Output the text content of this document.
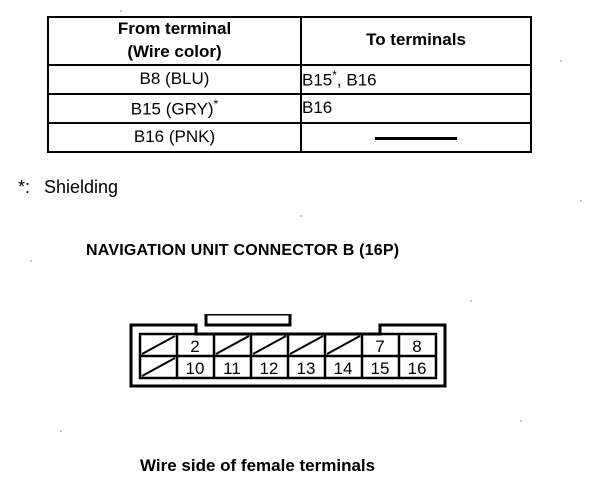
From terminal
(Wire color)	To terminals
B8 (BLU)	B15*, B16
B15 (GRY)*	B16
B16 (PNK)	
*: Shielding
NAVIGATION UNIT CONNECTOR B (16P)
2	7 8
10 11 12 13 14 15 16
Wire side of female terminals
